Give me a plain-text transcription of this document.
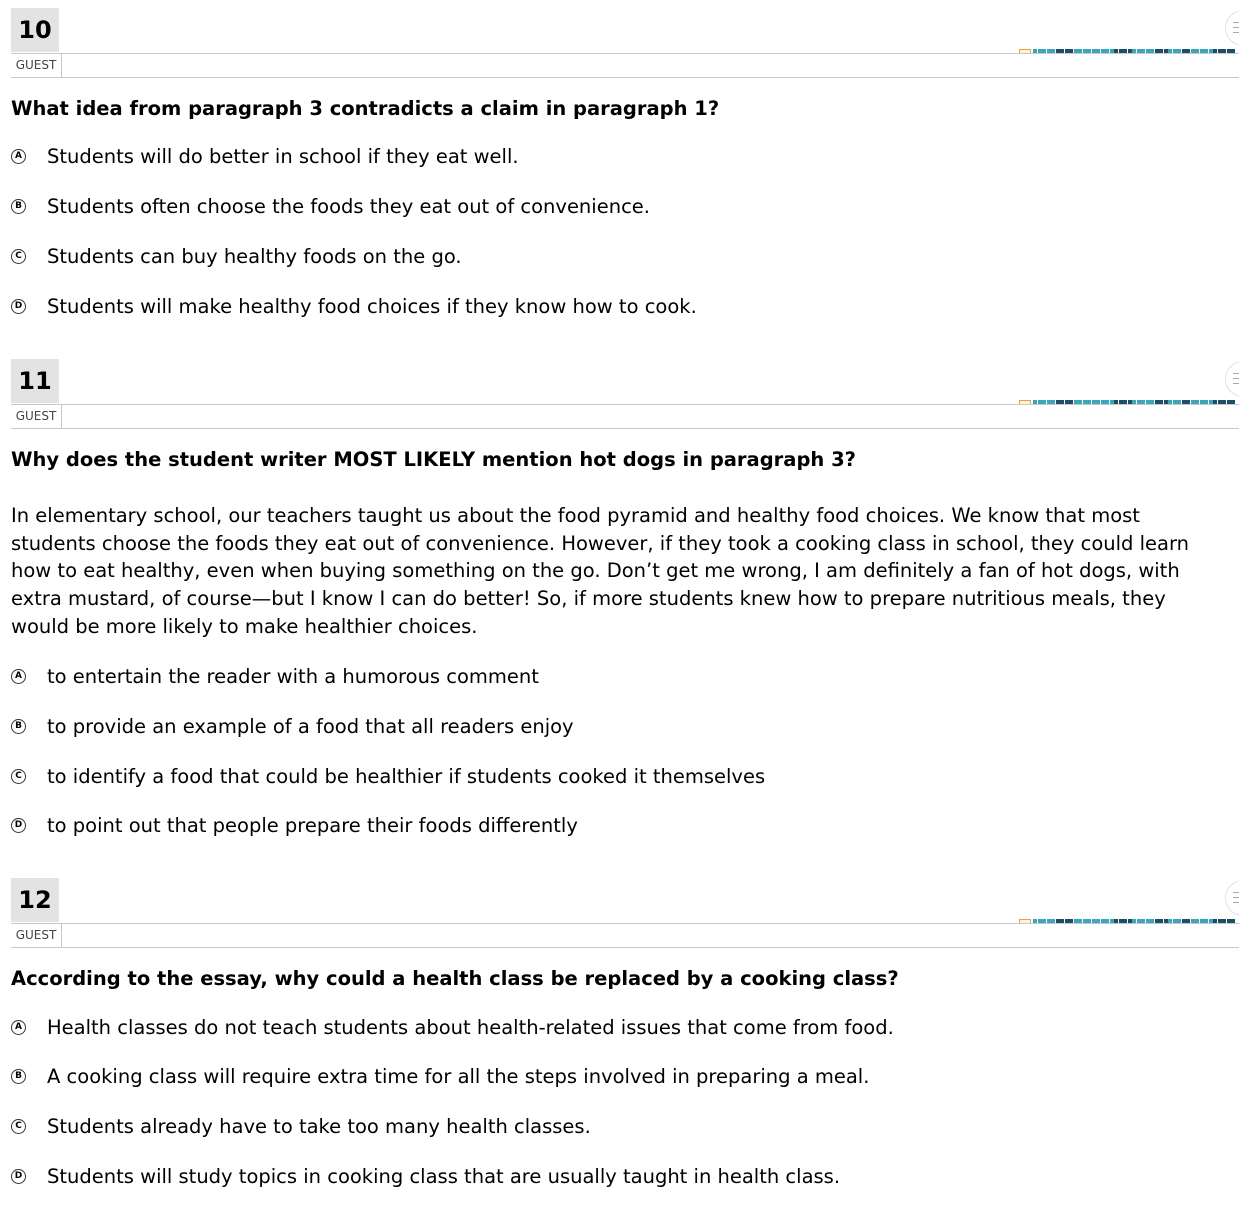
10
GUEST
What idea from paragraph 3 contradicts a claim in paragraph 1?
A Students will do better in school if they eat well.
B Students often choose the foods they eat out of convenience.
C Students can buy healthy foods on the go.
D Students will make healthy food choices if they know how to cook.
11
GUEST
Why does the student writer MOST LIKELY mention hot dogs in paragraph 3?
In elementary school, our teachers taught us about the food pyramid and healthy food choices. We know that most students choose the foods they eat out of convenience. However, if they took a cooking class in school, they could learn how to eat healthy, even when buying something on the go. Don’t get me wrong, I am definitely a fan of hot dogs, with extra mustard, of course—but I know I can do better! So, if more students knew how to prepare nutritious meals, they would be more likely to make healthier choices.
A to entertain the reader with a humorous comment
B to provide an example of a food that all readers enjoy
C to identify a food that could be healthier if students cooked it themselves
D to point out that people prepare their foods differently
12
GUEST
According to the essay, why could a health class be replaced by a cooking class?
A Health classes do not teach students about health-related issues that come from food.
B A cooking class will require extra time for all the steps involved in preparing a meal.
C Students already have to take too many health classes.
D Students will study topics in cooking class that are usually taught in health class.
